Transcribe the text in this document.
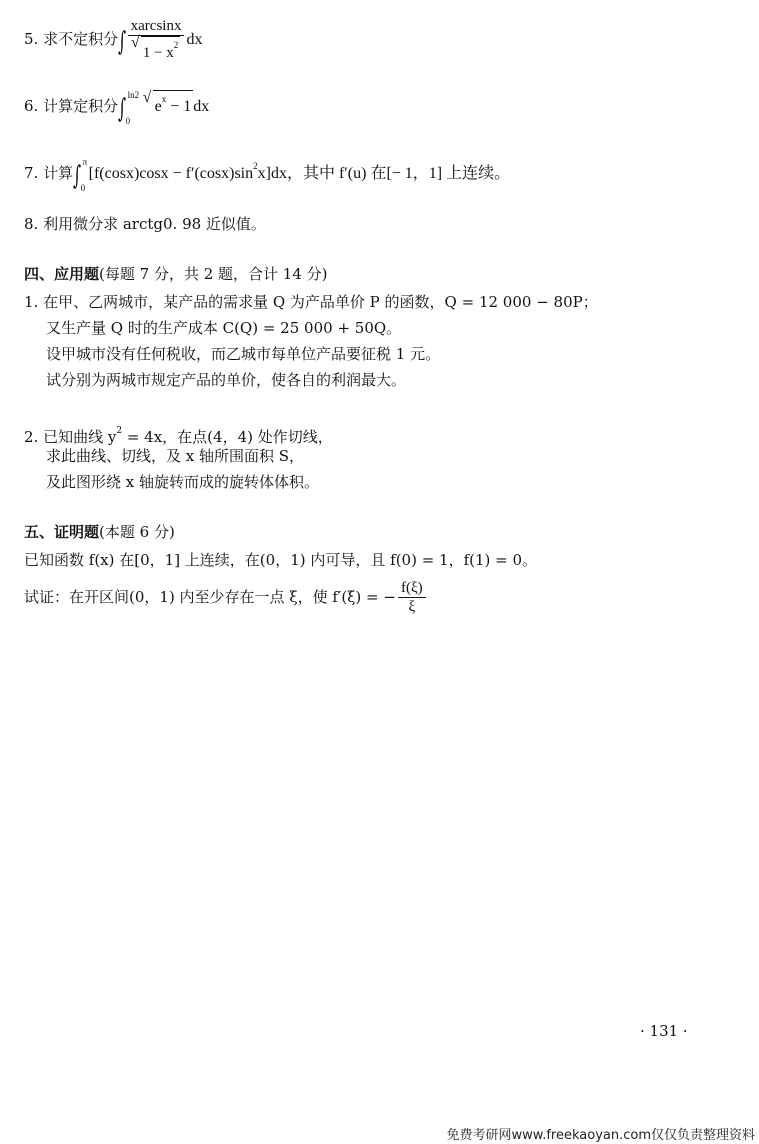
5. 求不定积分∫ xarcsinx
√ $1 - x^2$ dx
6. 计算定积分∫ ln2
0
√ $e^x - 1$ dx
7. 计算∫ π
0
$[f(\cos x)\cos x - f'(\cos x)\sin^2x]dx$，其中 f′(u) 在[− 1，1] 上连续。
8. 利用微分求 arctg0. 98 近似值。
四、应用题(每题 7 分，共 2 题，合计 14 分)
1. 在甲、乙两城市，某产品的需求量 Q 为产品单价 P 的函数，Q = 12 000 − 80P；
又生产量 Q 时的生产成本 C(Q) = 25 000 + 50Q。
设甲城市没有任何税收，而乙城市每单位产品要征税 1 元。
试分别为两城市规定产品的单价，使各自的利润最大。
2. 已知曲线 $y^2 = 4x$，在点(4，4) 处作切线，
求此曲线、切线，及 x 轴所围面积 S，
及此图形绕 x 轴旋转而成的旋转体体积。
五、证明题(本题 6 分)
已知函数 f(x) 在[0，1] 上连续，在(0，1) 内可导，且 f(0) = 1，f(1) = 0。
试证：在开区间(0，1) 内至少存在一点 ξ，使 f′(ξ) = − $\frac{f(\xi)}{\xi}$
· 131 ·
免费考研网www.freekaoyan.com仅仅负责整理资料
